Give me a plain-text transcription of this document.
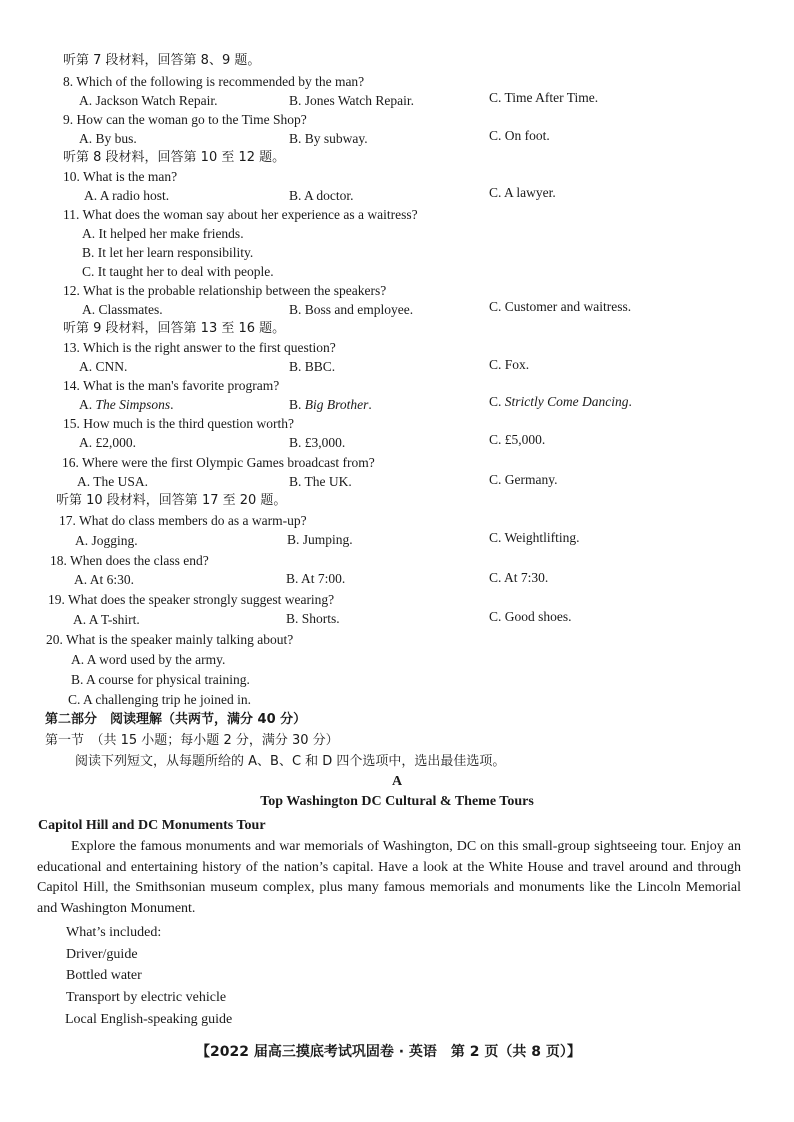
听第 7 段材料，回答第 8、9 题。
8. Which of the following is recommended by the man?
A. Jackson Watch Repair.	B. Jones Watch Repair.	C. Time After Time.
9. How can the woman go to the Time Shop?
A. By bus.	B. By subway.	C. On foot.
听第 8 段材料，回答第 10 至 12 题。
10. What is the man?
A. A radio host.	B. A doctor.	C. A lawyer.
11. What does the woman say about her experience as a waitress?
A. It helped her make friends.
B. It let her learn responsibility.
C. It taught her to deal with people.
12. What is the probable relationship between the speakers?
A. Classmates.	B. Boss and employee.	C. Customer and waitress.
听第 9 段材料，回答第 13 至 16 题。
13. Which is the right answer to the first question?
A. CNN.	B. BBC.	C. Fox.
14. What is the man's favorite program?
A. The Simpsons.	B. Big Brother.	C. Strictly Come Dancing.
15. How much is the third question worth?
A. £2,000.	B. £3,000.	C. £5,000.
16. Where were the first Olympic Games broadcast from?
A. The USA.	B. The UK.	C. Germany.
听第 10 段材料，回答第 17 至 20 题。
17. What do class members do as a warm-up?
A. Jogging.	B. Jumping.	C. Weightlifting.
18. When does the class end?
A. At 6:30.	B. At 7:00.	C. At 7:30.
19. What does the speaker strongly suggest wearing?
A. A T-shirt.	B. Shorts.	C. Good shoes.
20. What is the speaker mainly talking about?
A. A word used by the army.
B. A course for physical training.
C. A challenging trip he joined in.
第二部分　阅读理解（共两节，满分 40 分）
第一节　（共 15 小题；每小题 2 分，满分 30 分）
阅读下列短文，从每题所给的 A、B、C 和 D 四个选项中，选出最佳选项。
A
Top Washington DC Cultural & Theme Tours
Capitol Hill and DC Monuments Tour
Explore the famous monuments and war memorials of Washington, DC on this small-group sightseeing tour. Enjoy an educational and entertaining history of the nation’s capital. Have a look at the White House and travel around and through Capitol Hill, the Smithsonian museum complex, plus many famous memorials and monuments like the Lincoln Memorial and Washington Monument.
What’s included:
Driver/guide
Bottled water
Transport by electric vehicle
Local English-speaking guide
【2022 届高三摸底考试巩固卷 · 英语　第 2 页（共 8 页）】
